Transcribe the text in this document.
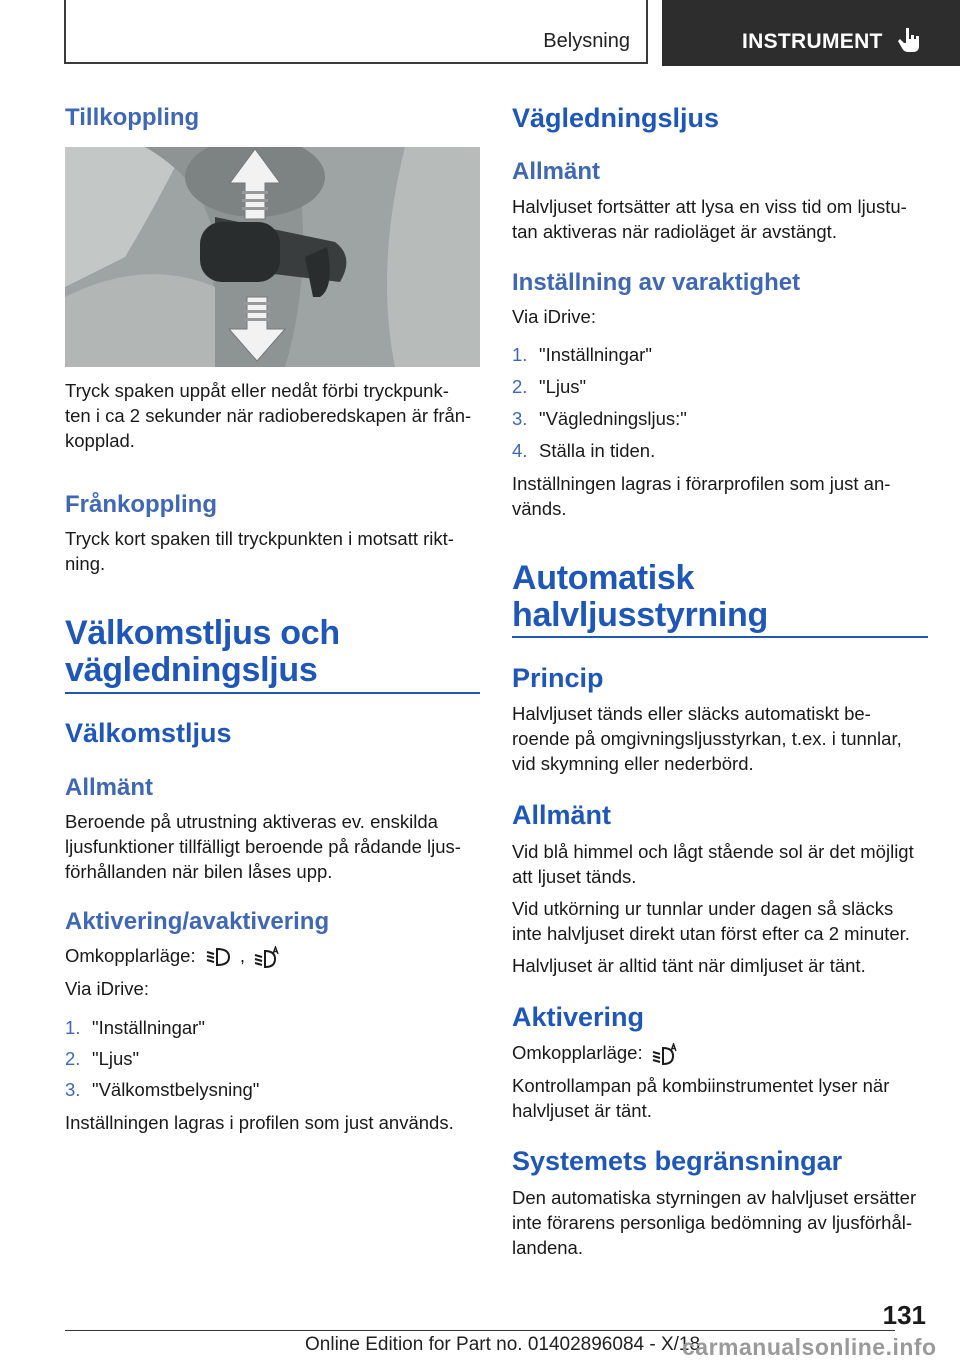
Belysning	INSTRUMENT
Tillkoppling
Tryck spaken uppåt eller nedåt förbi tryckpunk-
ten i ca 2 sekunder när radioberedskapen är från-
kopplad.
Frånkoppling
Tryck kort spaken till tryckpunkten i motsatt rikt-
ning.
Välkomstljus och
vägledningsljus
Välkomstljus
Allmänt
Beroende på utrustning aktiveras ev. enskilda
ljusfunktioner tillfälligt beroende på rådande ljus-
förhållanden när bilen låses upp.
Aktivering/avaktivering
Omkopplarläge: ,
Via iDrive:
1. "Inställningar"
2. "Ljus"
3. "Välkomstbelysning"
Inställningen lagras i profilen som just används.
Vägledningsljus
Allmänt
Halvljuset fortsätter att lysa en viss tid om ljustu-
tan aktiveras när radioläget är avstängt.
Inställning av varaktighet
Via iDrive:
1. "Inställningar"
2. "Ljus"
3. "Vägledningsljus:"
4. Ställa in tiden.
Inställningen lagras i förarprofilen som just an-
vänds.
Automatisk
halvljusstyrning
Princip
Halvljuset tänds eller släcks automatiskt be-
roende på omgivningsljusstyrkan, t.ex. i tunnlar,
vid skymning eller nederbörd.
Allmänt
Vid blå himmel och lågt stående sol är det möjligt
att ljuset tänds.
Vid utkörning ur tunnlar under dagen så släcks
inte halvljuset direkt utan först efter ca 2 minuter.
Halvljuset är alltid tänt när dimljuset är tänt.
Aktivering
Omkopplarläge:
Kontrollampan på kombiinstrumentet lyser när
halvljuset är tänt.
Systemets begränsningar
Den automatiska styrningen av halvljuset ersätter
inte förarens personliga bedömning av ljusförhål-
landena.
131
Online Edition for Part no. 01402896084 - X/18
carmanualsonline.info
